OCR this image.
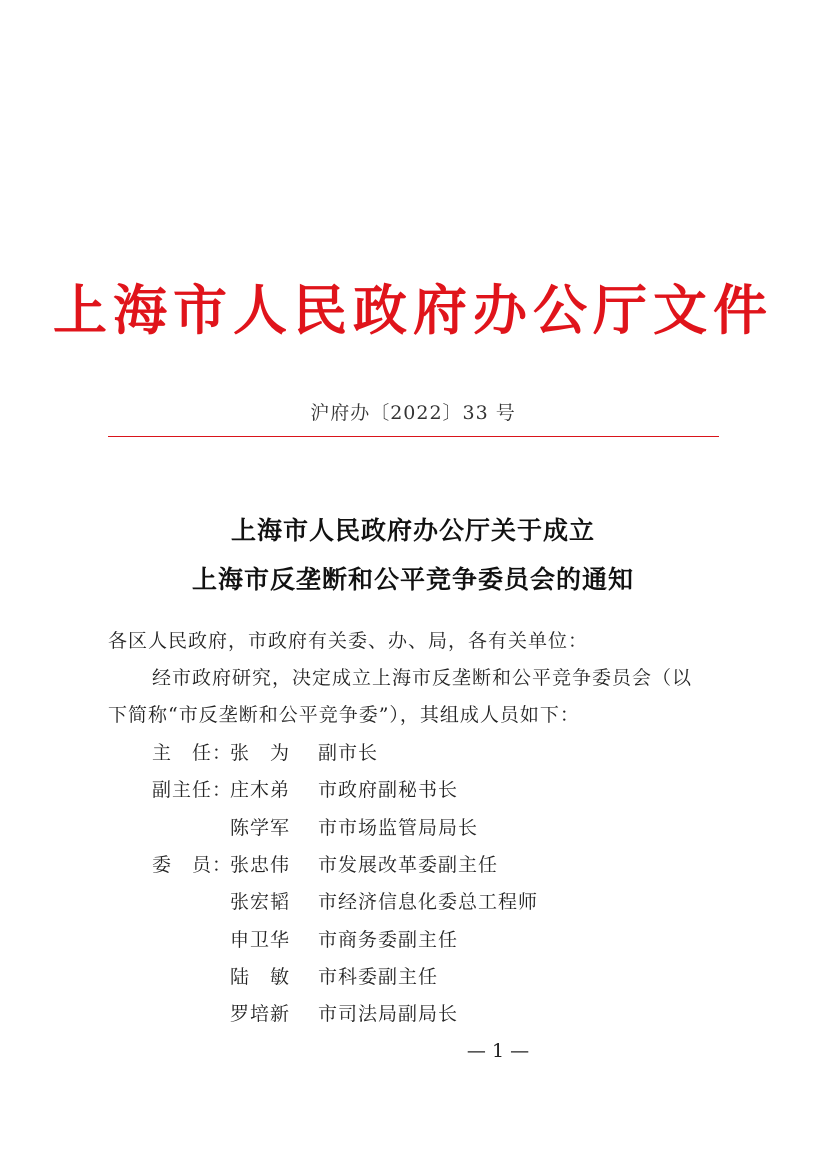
上海市人民政府办公厅文件
沪府办〔2022〕33 号
上海市人民政府办公厅关于成立
上海市反垄断和公平竞争委员会的通知
各区人民政府，市政府有关委、办、局，各有关单位：
经市政府研究，决定成立上海市反垄断和公平竞争委员会（以
下简称“市反垄断和公平竞争委”），其组成人员如下：
主　任：
张　为 副市长
副主任：
庄木弟 市政府副秘书长
陈学军 市市场监管局局长
委　员：
张忠伟 市发展改革委副主任
张宏韬 市经济信息化委总工程师
申卫华 市商务委副主任
陆　敏 市科委副主任
罗培新 市司法局副局长
— 1 —
